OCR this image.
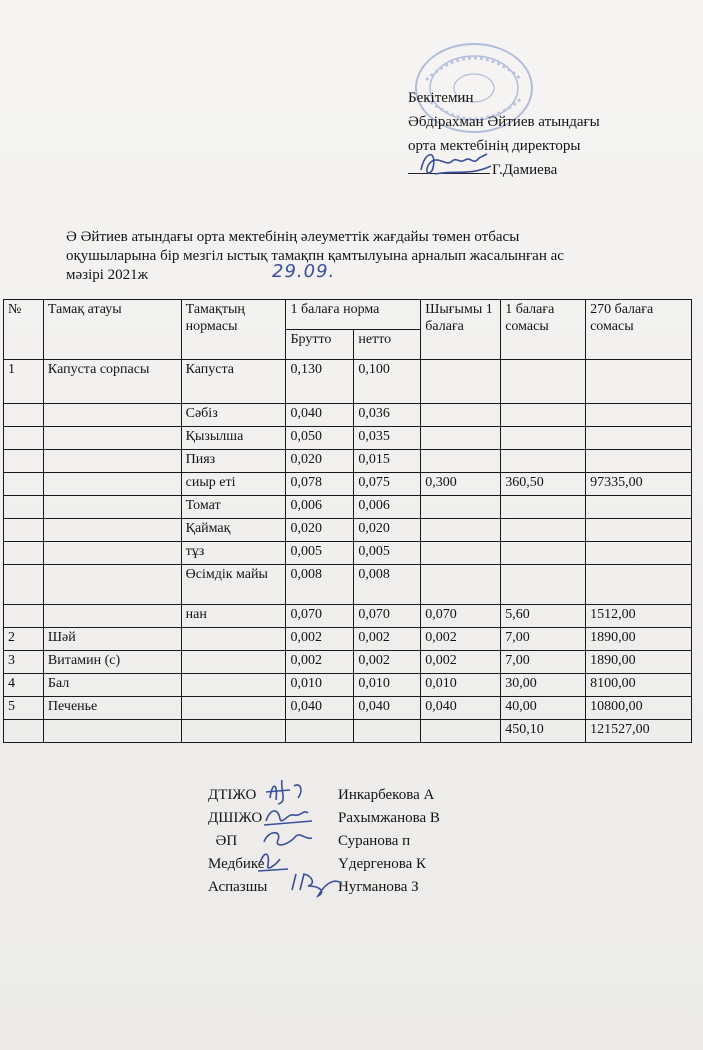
Бекітемин
Әбдірахман Әйтиев атындағы
орта мектебінің директоры
Г.Дамиева
Ә Әйтиев атындағы орта мектебінің әлеуметтік жағдайы төмен отбасы
оқушыларына бір мезгіл ыстық тамақпн қамтылуына арналып жасалынған ас
мәзірі 2021ж	29.09.
№	Тамақ атауы	Тамақтың нормасы	1 балаға норма		Шығымы 1 балаға	1 балаға сомасы	270 балаға сомасы
			Брутто	нетто			
1	Капуста сорпасы	Капуста	0,130	0,100			
		Сәбіз	0,040	0,036			
		Қызылша	0,050	0,035			
		Пияз	0,020	0,015			
		сиыр еті	0,078	0,075	0,300	360,50	97335,00
		Томат	0,006	0,006			
		Қаймақ	0,020	0,020			
		тұз	0,005	0,005			
		Өсімдік майы	0,008	0,008			
		нан	0,070	0,070	0,070	5,60	1512,00
2	Шәй		0,002	0,002	0,002	7,00	1890,00
3	Витамин (с)		0,002	0,002	0,002	7,00	1890,00
4	Бал		0,010	0,010	0,010	30,00	8100,00
5	Печенье		0,040	0,040	0,040	40,00	10800,00
						450,10	121527,00
ДТІЖО	Инкарбекова А
ДШІЖО	Рахымжанова В
ӘП	Суранова п
Медбике	Үдергенова К
Аспазшы	Нугманова З
